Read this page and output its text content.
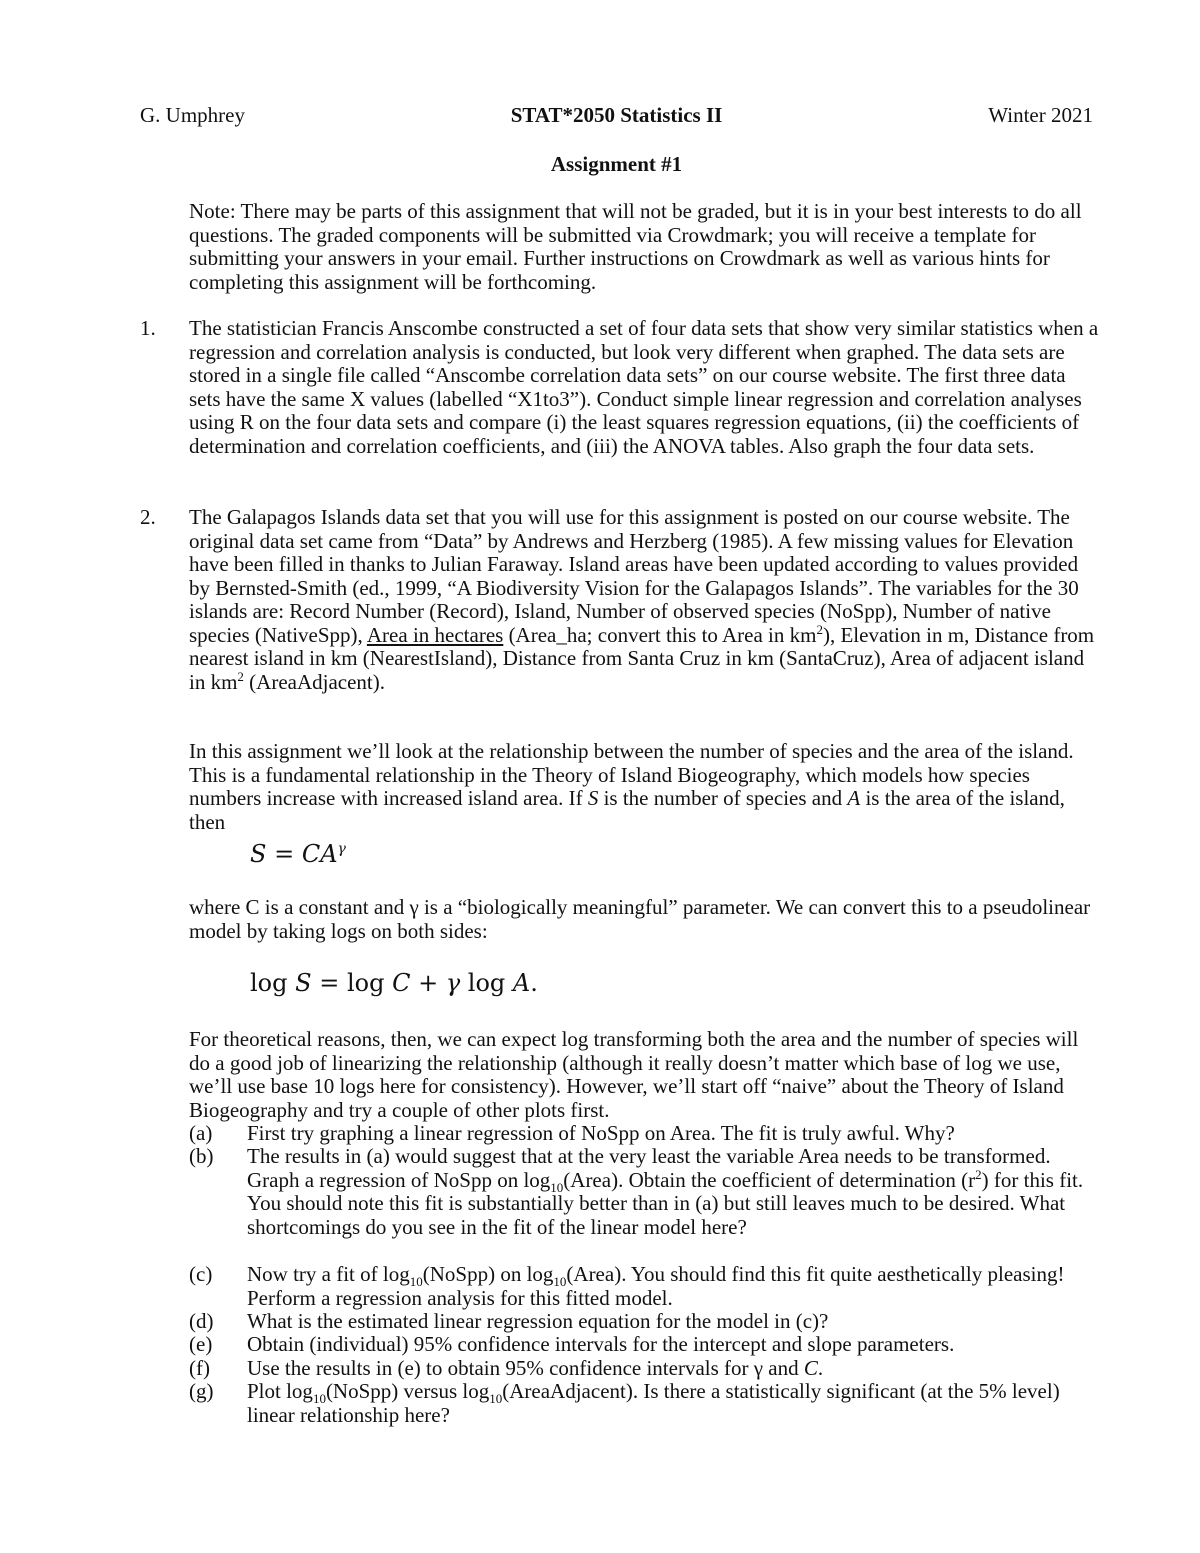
G. Umphrey	STAT*2050 Statistics II	Winter 2021
Assignment #1
Note: There may be parts of this assignment that will not be graded, but it is in your best interests to do all questions. The graded components will be submitted via Crowdmark; you will receive a template for submitting your answers in your email. Further instructions on Crowdmark as well as various hints for completing this assignment will be forthcoming.
1. The statistician Francis Anscombe constructed a set of four data sets that show very similar statistics when a regression and correlation analysis is conducted, but look very different when graphed. The data sets are stored in a single file called “Anscombe correlation data sets” on our course website. The first three data sets have the same X values (labelled “X1to3”). Conduct simple linear regression and correlation analyses using R on the four data sets and compare (i) the least squares regression equations, (ii) the coefficients of determination and correlation coefficients, and (iii) the ANOVA tables. Also graph the four data sets.
2. The Galapagos Islands data set that you will use for this assignment is posted on our course website. The original data set came from “Data” by Andrews and Herzberg (1985). A few missing values for Elevation have been filled in thanks to Julian Faraway. Island areas have been updated according to values provided by Bernsted-Smith (ed., 1999, “A Biodiversity Vision for the Galapagos Islands”. The variables for the 30 islands are: Record Number (Record), Island, Number of observed species (NoSpp), Number of native species (NativeSpp), Area in hectares (Area_ha; convert this to Area in $km^2$), Elevation in m, Distance from nearest island in km (NearestIsland), Distance from Santa Cruz in km (SantaCruz), Area of adjacent island in $km^2$ (AreaAdjacent).
In this assignment we’ll look at the relationship between the number of species and the area of the island. This is a fundamental relationship in the Theory of Island Biogeography, which models how species numbers increase with increased island area. If S is the number of species and A is the area of the island, then
$S = CA^\gamma$
where C is a constant and γ is a “biologically meaningful” parameter. We can convert this to a pseudolinear model by taking logs on both sides:
log S = log C + γ log A.
For theoretical reasons, then, we can expect log transforming both the area and the number of species will do a good job of linearizing the relationship (although it really doesn’t matter which base of log we use, we’ll use base 10 logs here for consistency). However, we’ll start off “naive” about the Theory of Island Biogeography and try a couple of other plots first.
(a) First try graphing a linear regression of NoSpp on Area. The fit is truly awful. Why?
(b) The results in (a) would suggest that at the very least the variable Area needs to be transformed. Graph a regression of NoSpp on $\log_{10}(Area)$. Obtain the coefficient of determination $(r^2)$ for this fit. You should note this fit is substantially better than in (a) but still leaves much to be desired. What shortcomings do you see in the fit of the linear model here?
(c) Now try a fit of $\log_{10}(NoSpp)$ on $\log_{10}(Area)$. You should find this fit quite aesthetically pleasing! Perform a regression analysis for this fitted model.
(d) What is the estimated linear regression equation for the model in (c)?
(e) Obtain (individual) 95% confidence intervals for the intercept and slope parameters.
(f) Use the results in (e) to obtain 95% confidence intervals for γ and C.
(g) Plot $\log_{10}(NoSpp)$ versus $\log_{10}(AreaAdjacent)$. Is there a statistically significant (at the 5% level) linear relationship here?
